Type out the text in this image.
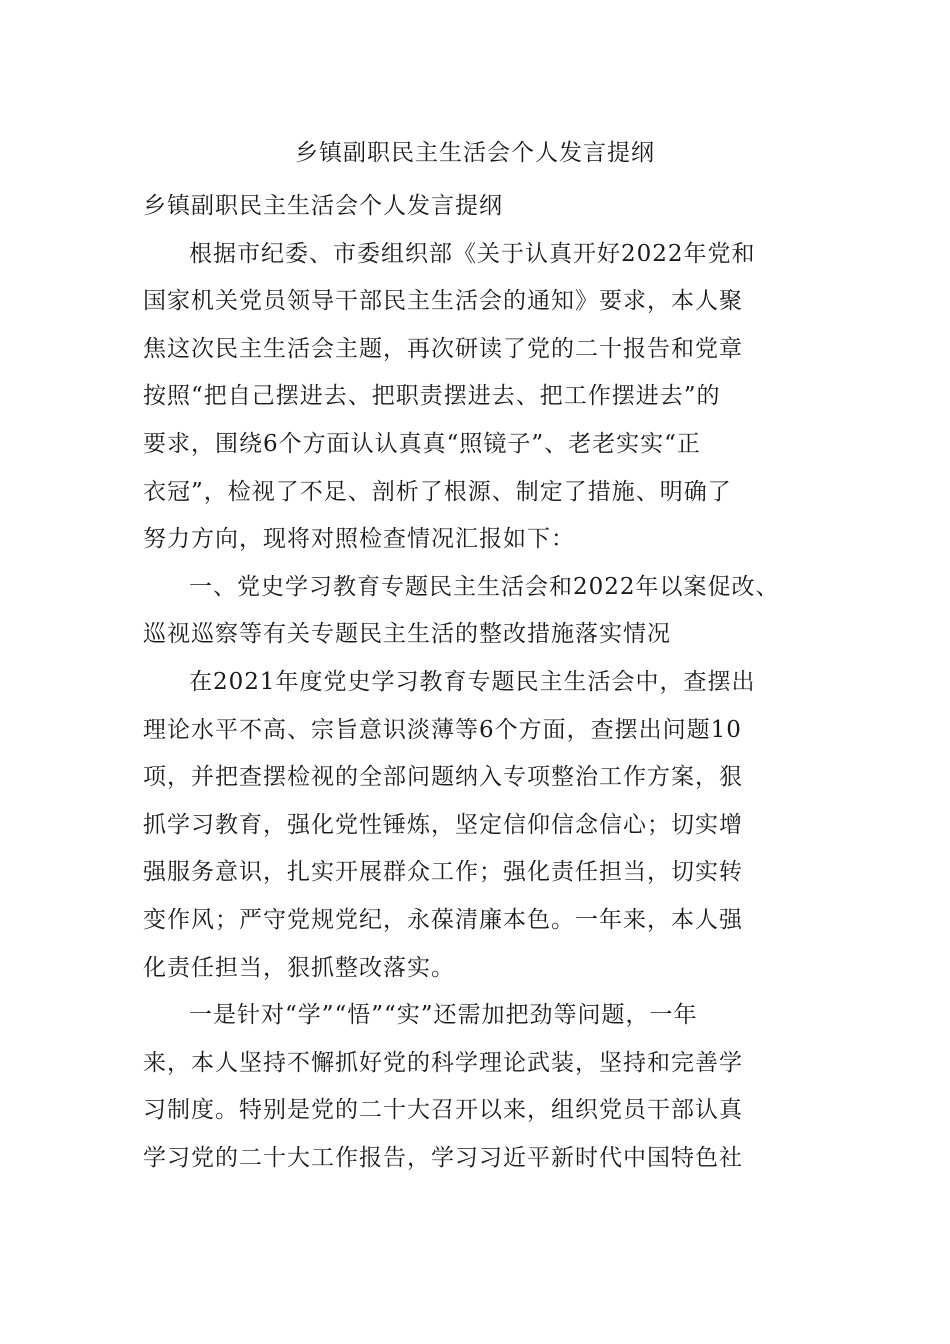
乡镇副职民主生活会个人发言提纲
乡镇副职民主生活会个人发言提纲
根据市纪委、市委组织部《关于认真开好2022年党和
国家机关党员领导干部民主生活会的通知》要求，本人聚
焦这次民主生活会主题，再次研读了党的二十报告和党章
按照“把自己摆进去、把职责摆进去、把工作摆进去”的
要求，围绕6个方面认认真真“照镜子”、老老实实“正
衣冠”，检视了不足、剖析了根源、制定了措施、明确了
努力方向，现将对照检查情况汇报如下：
一、党史学习教育专题民主生活会和2022年以案促改、
巡视巡察等有关专题民主生活的整改措施落实情况
在2021年度党史学习教育专题民主生活会中，查摆出
理论水平不高、宗旨意识淡薄等6个方面，查摆出问题10
项，并把查摆检视的全部问题纳入专项整治工作方案，狠
抓学习教育，强化党性锤炼，坚定信仰信念信心；切实增
强服务意识，扎实开展群众工作；强化责任担当，切实转
变作风；严守党规党纪，永葆清廉本色。一年来，本人强
化责任担当，狠抓整改落实。
一是针对“学”“悟”“实”还需加把劲等问题，一年
来，本人坚持不懈抓好党的科学理论武装，坚持和完善学
习制度。特别是党的二十大召开以来，组织党员干部认真
学习党的二十大工作报告，学习习近平新时代中国特色社
